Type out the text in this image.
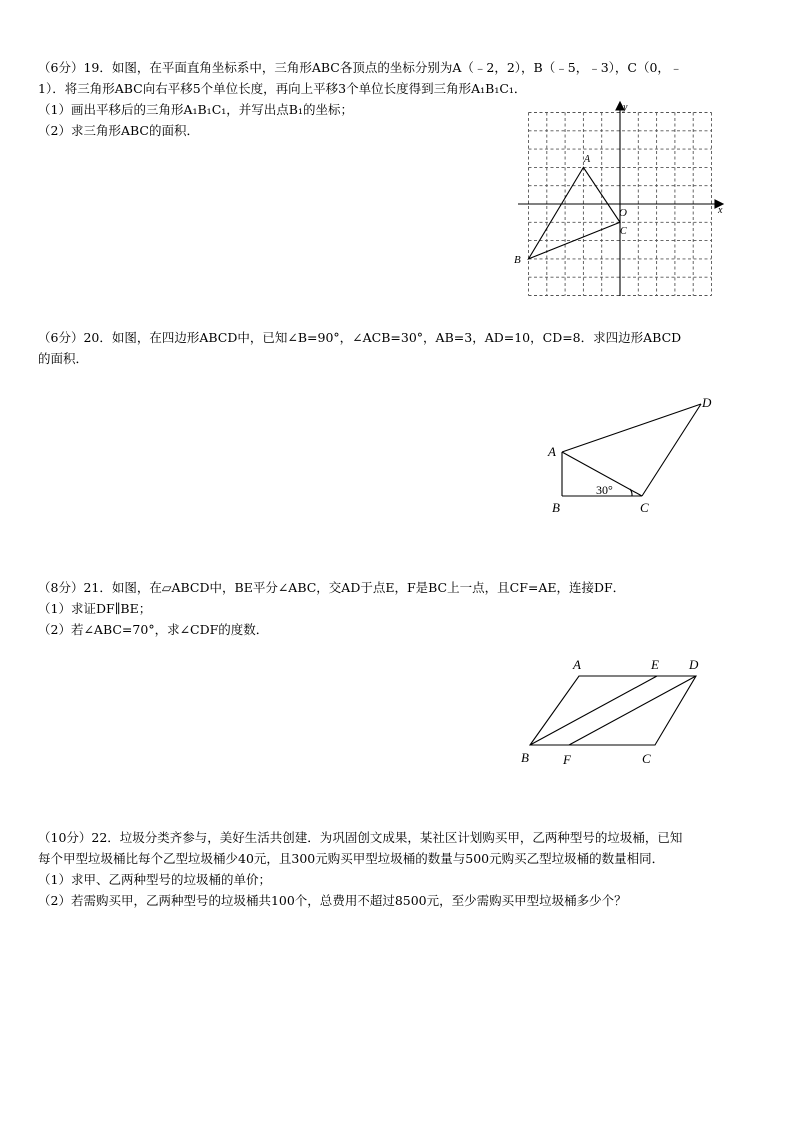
（6分）19．如图，在平面直角坐标系中，三角形ABC各顶点的坐标分别为A（﹣2，2），B（﹣5，﹣3），C（0，﹣
1）．将三角形ABC向右平移5个单位长度，再向上平移3个单位长度得到三角形A₁B₁C₁．
（1）画出平移后的三角形A₁B₁C₁，并写出点B₁的坐标；
（2）求三角形ABC的面积．
x
y
O
A
B
C
（6分）20．如图，在四边形ABCD中，已知∠B=90°，∠ACB=30°，AB=3，AD=10，CD=8．求四边形ABCD
的面积．
30°
A
B	C
D
（8分）21．如图，在▱ABCD中，BE平分∠ABC，交AD于点E，F是BC上一点，且CF=AE，连接DF．
（1）求证DF∥BE；
（2）若∠ABC=70°，求∠CDF的度数．
A	E D
B	F	C
（10分）22．垃圾分类齐参与，美好生活共创建．为巩固创文成果，某社区计划购买甲，乙两种型号的垃圾桶，已知
每个甲型垃圾桶比每个乙型垃圾桶少40元，且300元购买甲型垃圾桶的数量与500元购买乙型垃圾桶的数量相同．
（1）求甲、乙两种型号的垃圾桶的单价；
（2）若需购买甲，乙两种型号的垃圾桶共100个，总费用不超过8500元，至少需购买甲型垃圾桶多少个？
